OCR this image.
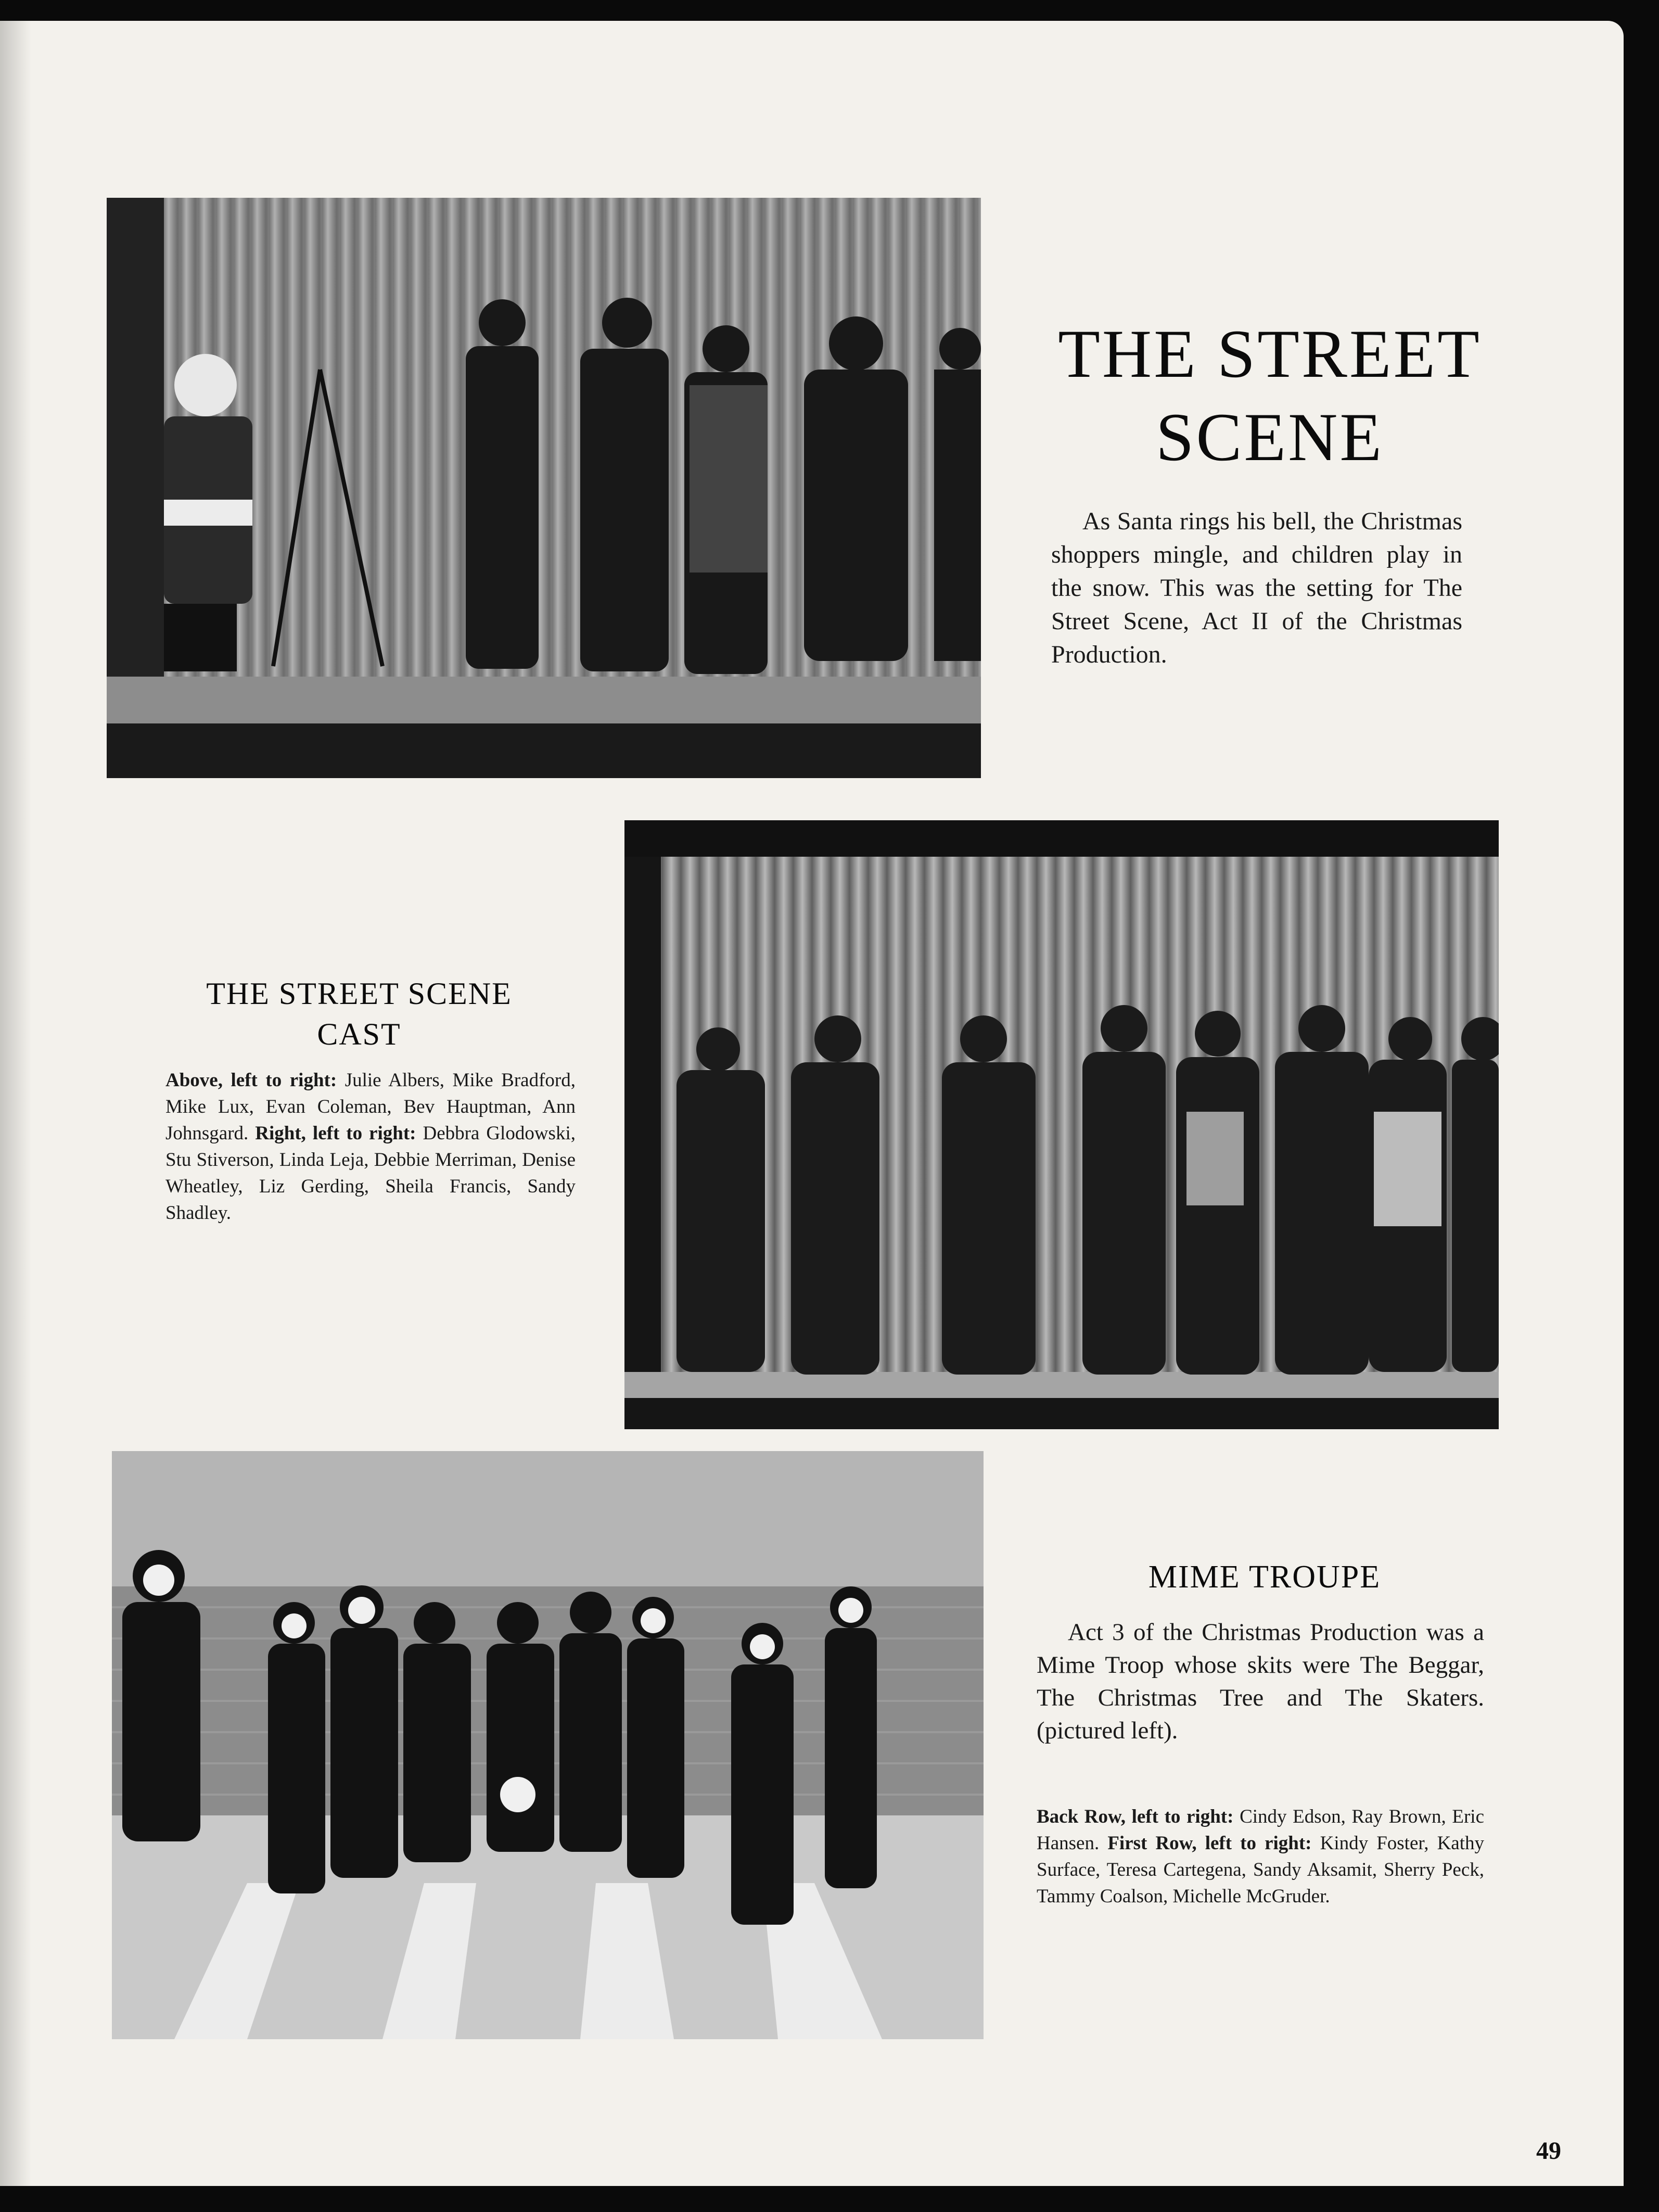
THE STREET
SCENE

As Santa rings his bell, the Christmas shoppers mingle, and children play in the snow. This was the setting for The Street Scene, Act II of the Christmas Production.

THE STREET SCENE
CAST

Above, left to right: Julie Albers, Mike Bradford, Mike Lux, Evan Coleman, Bev Hauptman, Ann Johnsgard. Right, left to right: Debbra Glodowski, Stu Stiverson, Linda Leja, Debbie Merriman, Denise Wheatley, Liz Gerding, Sheila Francis, Sandy Shadley.

MIME TROUPE

Act 3 of the Christmas Production was a Mime Troop whose skits were The Beggar, The Christmas Tree and The Skaters. (pictured left).

Back Row, left to right: Cindy Edson, Ray Brown, Eric Hansen. First Row, left to right: Kindy Foster, Kathy Surface, Teresa Cartegena, Sandy Aksamit, Sherry Peck, Tammy Coalson, Michelle McGruder.

49
